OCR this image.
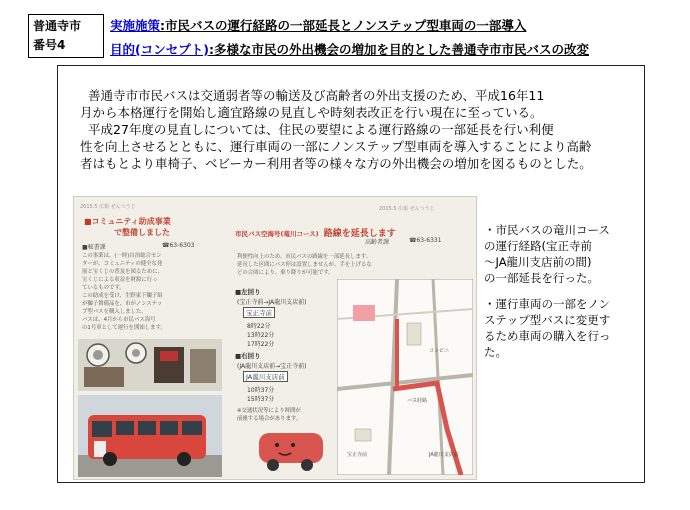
普通寺市
番号4
実施施策:市民バスの運行経路の一部延長とノンステップ型車両の一部導入
目的(コンセプト):多様な市民の外出機会の増加を目的とした善通寺市市民バスの改変

善通寺市市民バスは交通弱者等の輸送及び高齢者の外出支援のため、平成16年11

月から本格運行を開始し適宜路線の見直しや時刻表改正を行い現在に至っている。

平成27年度の見直しについては、住民の要望による運行路線の一部延長を行い利便

性を向上させるとともに、運行車両の一部にノンステップ型車両を導入することにより高齢

者はもとより車椅子、ベビーカー利用者等の様々な方の外出機会の増加を図るものとした。

2015.5 広報 ぜんつうじ
■コミュニティ助成事業
で整備しました
■秘書課	☎63-6303
この事業は、(一財)自治総合セン
ターが、コミュニティの健全な発
展と宝くじの普及を図るために、
宝くじによる収益を財源に行っ
ているものです。
この助成を受け、生野東下獅子組
が獅子舞備品を、市がノンステッ
プ型バスを購入しました。
バスは、4月から市民バス海号
の1号車として運行を開始します。
2015.5 広報 ぜんつうじ
市民バス空海号(竜川コース) 路線を延長します
高齢者課	☎63-6331
利便性向上のため、市民バスの路線を一部延長します。
延長した区間にバス停は設置しませんが、手を上げるな
どの合図により、乗り降りが可能です。
■左回り
(宝正寺前→JA龍川支店前)
宝正寺前
8時22分
13時22分
17時22分
■右回り
(JA龍川支店前→宝正寺前)
JA龍川支店前
10時37分
15時37分
※交通状況等により時間が
前後する場合があります。
コンビニ
バス経路
宝正寺前	JA龍川支店前

・市民バスの竜川コース

の運行経路(宝正寺前

～JA龍川支店前の間)

の一部延長を行った。

・運行車両の一部をノン

ステップ型バスに変更す

るため車両の購入を行っ

た。
